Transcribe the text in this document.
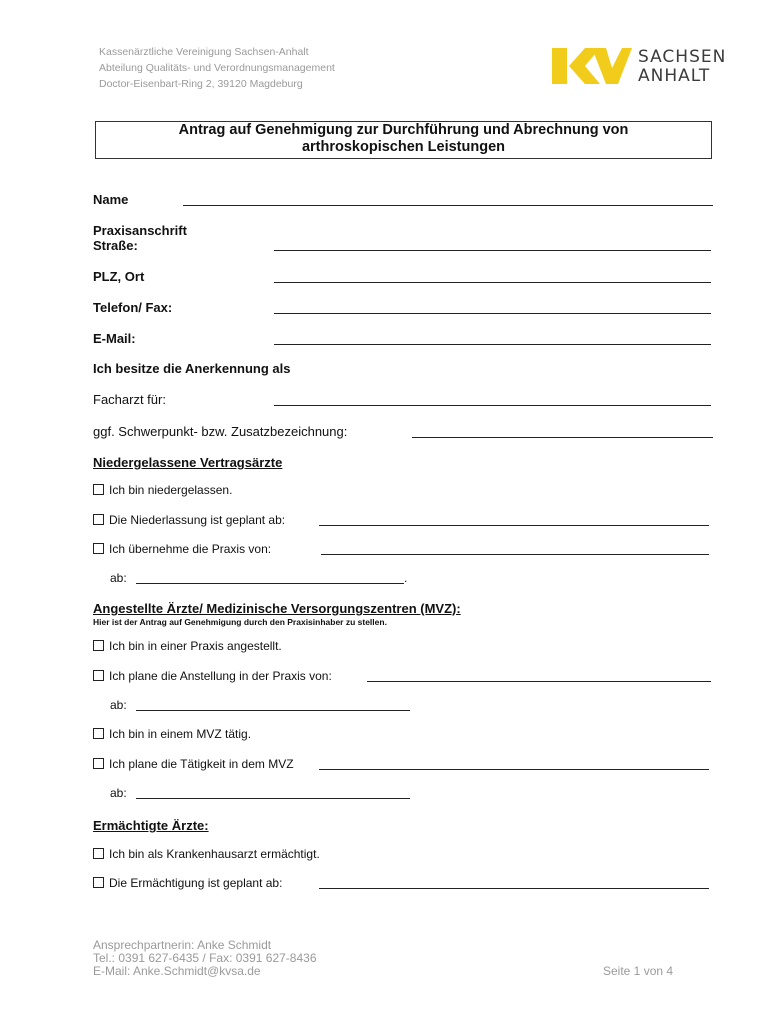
Kassenärztliche Vereinigung Sachsen-Anhalt
Abteilung Qualitäts- und Verordnungsmanagement
Doctor-Eisenbart-Ring 2, 39120 Magdeburg
SACHSEN
ANHALT
Antrag auf Genehmigung zur Durchführung und Abrechnung von
arthroskopischen Leistungen
Name
Praxisanschrift
Straße:
PLZ, Ort
Telefon/ Fax:
E-Mail:
Ich besitze die Anerkennung als
Facharzt für:
ggf. Schwerpunkt- bzw. Zusatzbezeichnung:
Niedergelassene Vertragsärzte
Ich bin niedergelassen.
Die Niederlassung ist geplant ab:
Ich übernehme die Praxis von:
ab:	.
Angestellte Ärzte/ Medizinische Versorgungszentren (MVZ):
Hier ist der Antrag auf Genehmigung durch den Praxisinhaber zu stellen.
Ich bin in einer Praxis angestellt.
Ich plane die Anstellung in der Praxis von:
ab:
Ich bin in einem MVZ tätig.
Ich plane die Tätigkeit in dem MVZ
ab:
Ermächtigte Ärzte:
Ich bin als Krankenhausarzt ermächtigt.
Die Ermächtigung ist geplant ab:
Ansprechpartnerin: Anke Schmidt
Tel.: 0391 627-6435 / Fax: 0391 627-8436
E-Mail: Anke.Schmidt@kvsa.de	Seite 1 von 4
